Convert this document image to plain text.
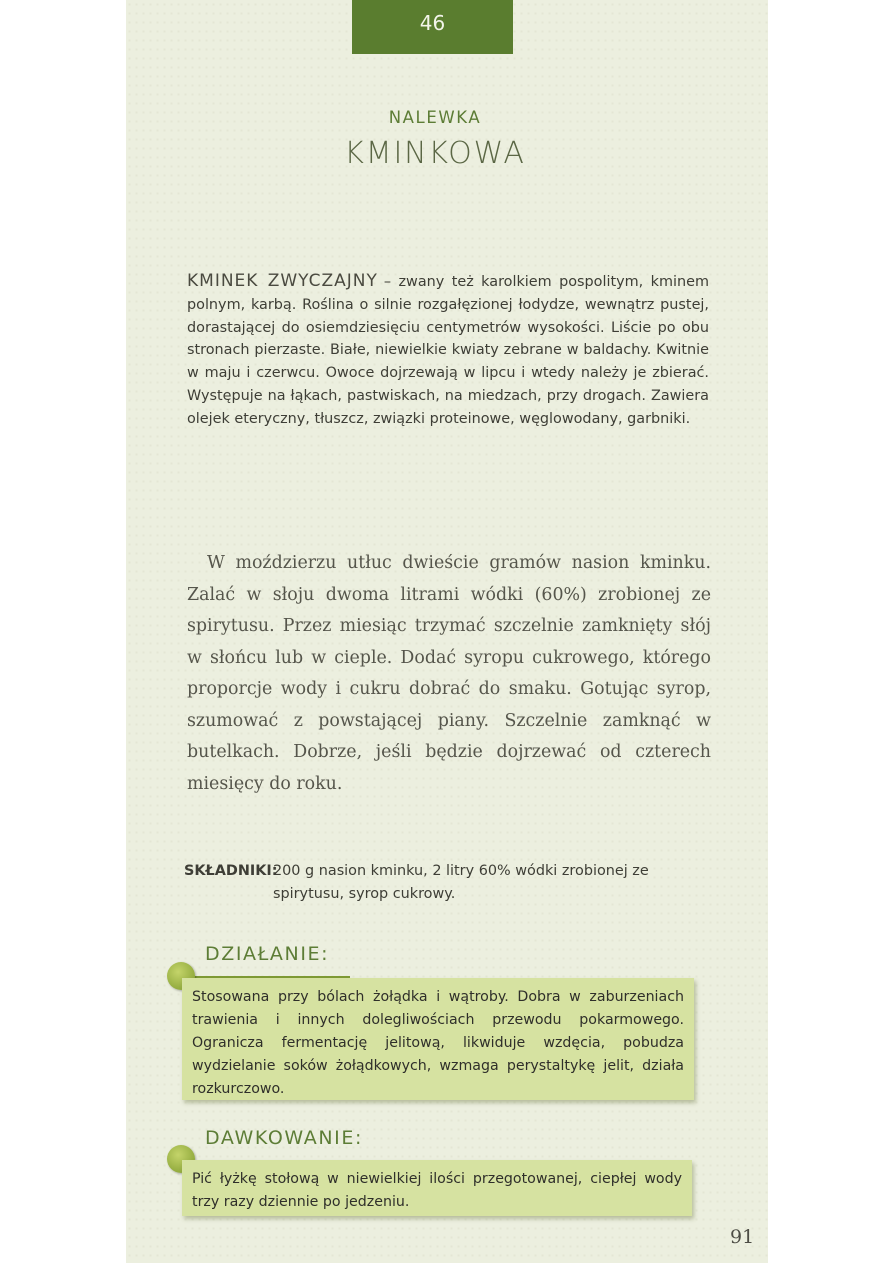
46
NALEWKA
KMINKOWA
KMINEK ZWYCZAJNY – zwany też karolkiem pospolitym, kminem polnym, karbą. Roślina o silnie rozgałęzionej łodydze, wewnątrz pustej, dorastającej do osiemdziesięciu centymetrów wysokości. Liście po obu stronach pierzaste. Białe, niewielkie kwiaty zebrane w baldachy. Kwitnie w maju i czerwcu. Owoce dojrzewają w lipcu i wtedy należy je zbierać. Występuje na łąkach, pastwiskach, na miedzach, przy drogach. Zawiera olejek eteryczny, tłuszcz, związki proteinowe, węglowodany, garbniki.
W moździerzu utłuc dwieście gramów nasion kminku. Zalać w słoju dwoma litrami wódki (60%) zrobionej ze spirytusu. Przez miesiąc trzymać szczelnie zamknięty słój w słońcu lub w cieple. Dodać syropu cukrowego, którego proporcje wody i cukru dobrać do smaku. Gotując syrop, szumować z powstającej piany. Szczelnie zamknąć w butelkach. Dobrze, jeśli będzie dojrzewać od czterech miesięcy do roku.
SKŁADNIKI:
200 g nasion kminku, 2 litry 60% wódki zrobionej ze spirytusu, syrop cukrowy.
DZIAŁANIE:
Stosowana przy bólach żołądka i wątroby. Dobra w zaburzeniach trawienia i innych dolegliwościach przewodu pokarmowego. Ogranicza fermentację jelitową, likwiduje wzdęcia, pobudza wydzielanie soków żołądkowych, wzmaga perystaltykę jelit, działa rozkurczowo.
DAWKOWANIE:
Pić łyżkę stołową w niewielkiej ilości przegotowanej, ciepłej wody trzy razy dziennie po jedzeniu.
91
